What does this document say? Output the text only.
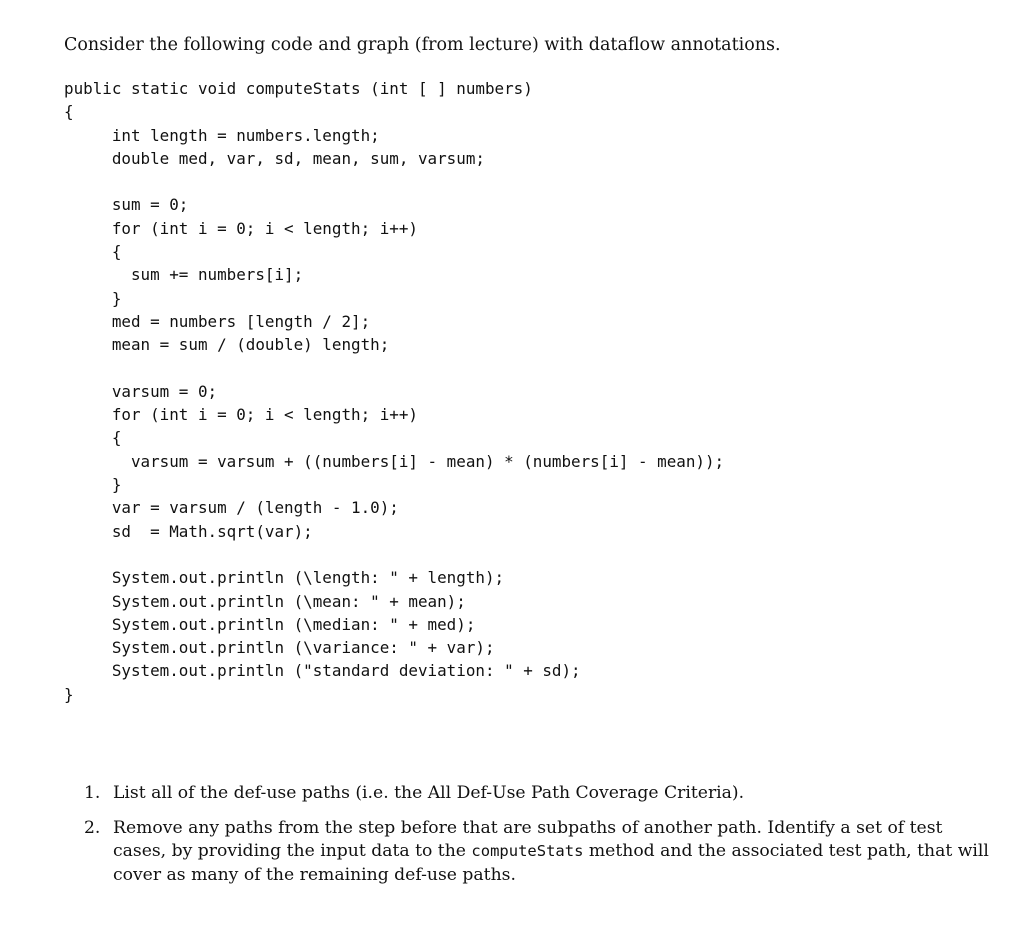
Consider the following code and graph (from lecture) with dataflow annotations.
public static void computeStats (int [ ] numbers)
{
int length = numbers.length;
double med, var, sd, mean, sum, varsum;
sum = 0;
for (int i = 0; i < length; i++)
{
sum += numbers[i];
}
med = numbers [length / 2];
mean = sum / (double) length;
varsum = 0;
for (int i = 0; i < length; i++)
{
varsum = varsum + ((numbers[i] - mean) * (numbers[i] - mean));
}
var = varsum / (length - 1.0);
sd  = Math.sqrt(var);
System.out.println (\length: " + length);
System.out.println (\mean: " + mean);
System.out.println (\median: " + med);
System.out.println (\variance: " + var);
System.out.println ("standard deviation: " + sd);
}
1. List all of the def-use paths (i.e. the All Def-Use Path Coverage Criteria).
2. Remove any paths from the step before that are subpaths of another path. Identify a set of test cases, by providing the input data to the computeStats method and the associated test path, that will cover as many of the remaining def-use paths.
